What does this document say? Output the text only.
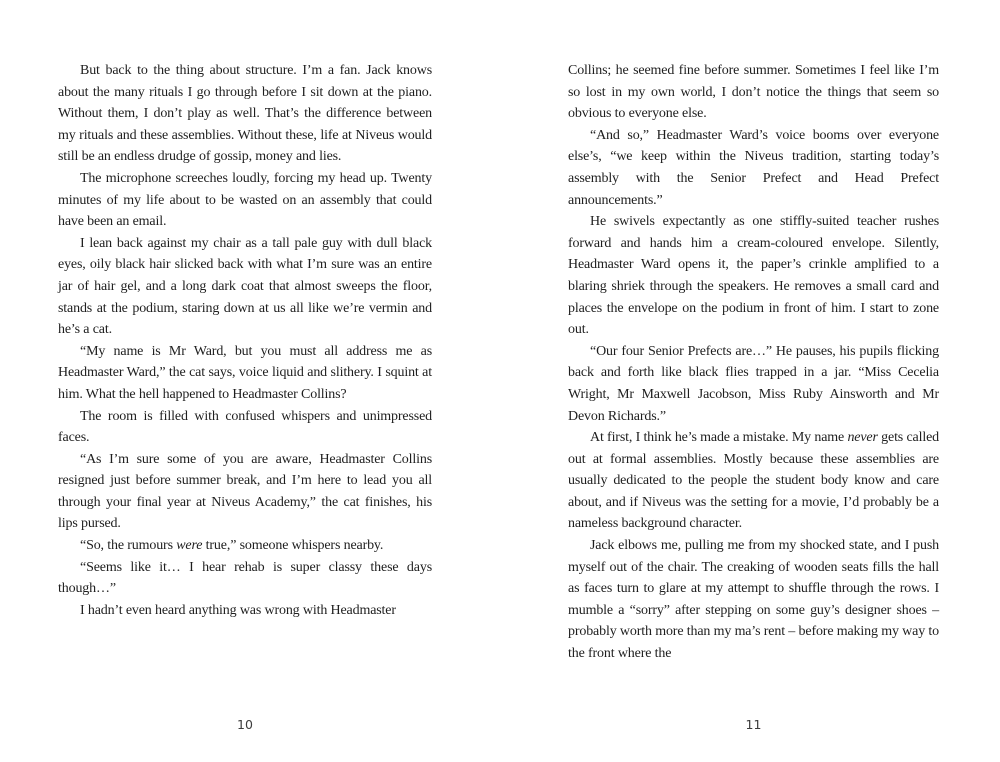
But back to the thing about structure. I’m a fan. Jack knows about the many rituals I go through before I sit down at the piano. Without them, I don’t play as well. That’s the difference between my rituals and these assemblies. Without these, life at Niveus would still be an endless drudge of gossip, money and lies.

The microphone screeches loudly, forcing my head up. Twenty minutes of my life about to be wasted on an assembly that could have been an email.

I lean back against my chair as a tall pale guy with dull black eyes, oily black hair slicked back with what I’m sure was an entire jar of hair gel, and a long dark coat that almost sweeps the floor, stands at the podium, staring down at us all like we’re vermin and he’s a cat.

“My name is Mr Ward, but you must all address me as Headmaster Ward,” the cat says, voice liquid and slithery. I squint at him. What the hell happened to Headmaster Collins?

The room is filled with confused whispers and unimpressed faces.

“As I’m sure some of you are aware, Headmaster Collins resigned just before summer break, and I’m here to lead you all through your final year at Niveus Academy,” the cat finishes, his lips pursed.

“So, the rumours were true,” someone whispers nearby.

“Seems like it… I hear rehab is super classy these days though…”

I hadn’t even heard anything was wrong with Headmaster

Collins; he seemed fine before summer. Sometimes I feel like I’m so lost in my own world, I don’t notice the things that seem so obvious to everyone else.

“And so,” Headmaster Ward’s voice booms over everyone else’s, “we keep within the Niveus tradition, starting today’s assembly with the Senior Prefect and Head Prefect announcements.”

He swivels expectantly as one stiffly-suited teacher rushes forward and hands him a cream-coloured envelope. Silently, Headmaster Ward opens it, the paper’s crinkle amplified to a blaring shriek through the speakers. He removes a small card and places the envelope on the podium in front of him. I start to zone out.

“Our four Senior Prefects are…” He pauses, his pupils flicking back and forth like black flies trapped in a jar. “Miss Cecelia Wright, Mr Maxwell Jacobson, Miss Ruby Ainsworth and Mr Devon Richards.”

At first, I think he’s made a mistake. My name never gets called out at formal assemblies. Mostly because these assemblies are usually dedicated to the people the student body know and care about, and if Niveus was the setting for a movie, I’d probably be a nameless background character.

Jack elbows me, pulling me from my shocked state, and I push myself out of the chair. The creaking of wooden seats fills the hall as faces turn to glare at my attempt to shuffle through the rows. I mumble a “sorry” after stepping on some guy’s designer shoes – probably worth more than my ma’s rent – before making my way to the front where the

10	11
